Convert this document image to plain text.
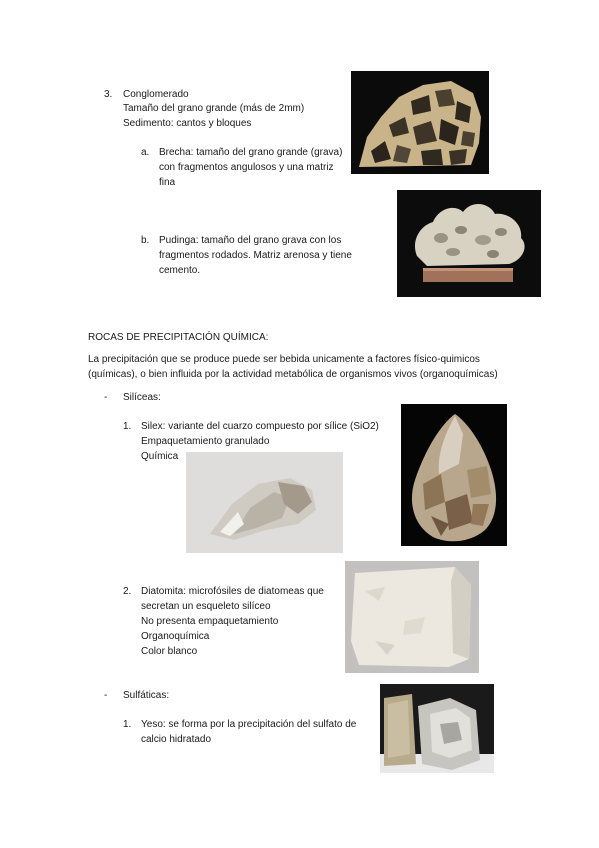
3. Conglomerado
Tamaño del grano grande (más de 2mm)
Sedimento: cantos y bloques
a. Brecha: tamaño del grano grande (grava)
con fragmentos angulosos y una matriz
fina
b. Pudinga: tamaño del grano grava con los
fragmentos rodados. Matriz arenosa y tiene
cemento.
ROCAS DE PRECIPITACIÓN QUÍMICA:
La precipitación que se produce puede ser bebida unicamente a factores físico-quimicos
(químicas), o bien influida por la actividad metabólica de organismos vivos (organoquímicas)
- Silíceas:
1. Silex: variante del cuarzo compuesto por sílice (SiO2)
Empaquetamiento granulado
Química
2. Diatomita: microfósiles de diatomeas que
secretan un esqueleto silíceo
No presenta empaquetamiento
Organoquímica
Color blanco
- Sulfáticas:
1. Yeso: se forma por la precipitación del sulfato de
calcio hidratado
